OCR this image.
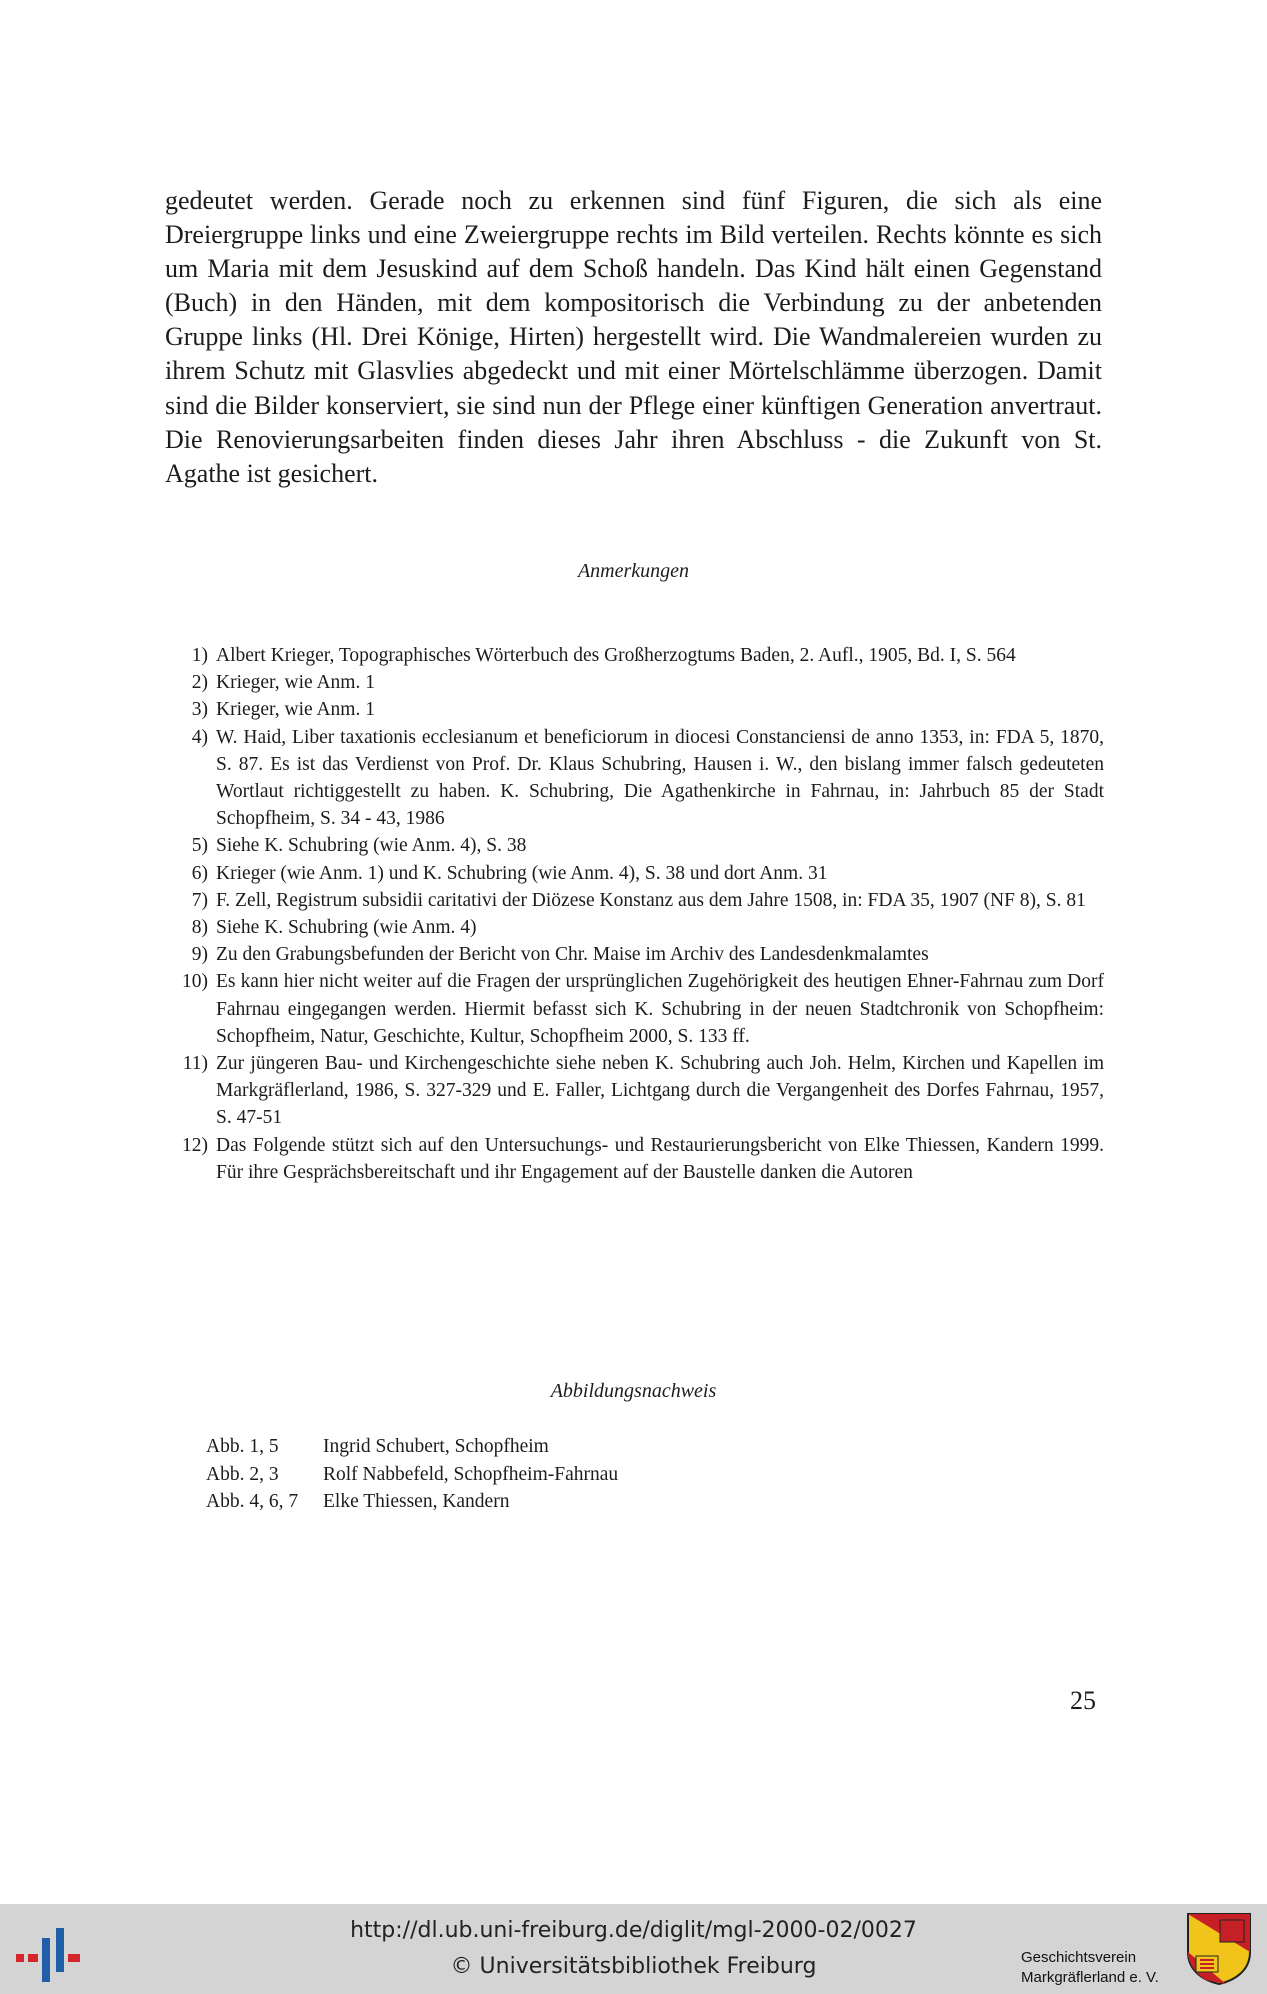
gedeutet werden. Gerade noch zu erkennen sind fünf Figuren, die sich als eine Dreiergruppe links und eine Zweiergruppe rechts im Bild verteilen. Rechts könnte es sich um Maria mit dem Jesuskind auf dem Schoß handeln. Das Kind hält einen Gegenstand (Buch) in den Händen, mit dem kompositorisch die Verbindung zu der anbetenden Gruppe links (Hl. Drei Könige, Hirten) hergestellt wird. Die Wandmalereien wurden zu ihrem Schutz mit Glasvlies abgedeckt und mit einer Mörtelschlämme überzogen. Damit sind die Bilder konserviert, sie sind nun der Pflege einer künftigen Generation anvertraut. Die Renovierungsarbeiten finden dieses Jahr ihren Abschluss - die Zukunft von St. Agathe ist gesichert.
Anmerkungen
1) Albert Krieger, Topographisches Wörterbuch des Großherzogtums Baden, 2. Aufl., 1905, Bd. I, S. 564
2) Krieger, wie Anm. 1
3) Krieger, wie Anm. 1
4) W. Haid, Liber taxationis ecclesianum et beneficiorum in diocesi Constanciensi de anno 1353, in: FDA 5, 1870, S. 87. Es ist das Verdienst von Prof. Dr. Klaus Schubring, Hausen i. W., den bislang immer falsch gedeuteten Wortlaut richtiggestellt zu haben. K. Schubring, Die Agathenkirche in Fahrnau, in: Jahrbuch 85 der Stadt Schopfheim, S. 34 - 43, 1986
5) Siehe K. Schubring (wie Anm. 4), S. 38
6) Krieger (wie Anm. 1) und K. Schubring (wie Anm. 4), S. 38 und dort Anm. 31
7) F. Zell, Registrum subsidii caritativi der Diözese Konstanz aus dem Jahre 1508, in: FDA 35, 1907 (NF 8), S. 81
8) Siehe K. Schubring (wie Anm. 4)
9) Zu den Grabungsbefunden der Bericht von Chr. Maise im Archiv des Landesdenkmalamtes
10) Es kann hier nicht weiter auf die Fragen der ursprünglichen Zugehörigkeit des heutigen Ehner-Fahrnau zum Dorf Fahrnau eingegangen werden. Hiermit befasst sich K. Schubring in der neuen Stadtchronik von Schopfheim: Schopfheim, Natur, Geschichte, Kultur, Schopfheim 2000, S. 133 ff.
11) Zur jüngeren Bau- und Kirchengeschichte siehe neben K. Schubring auch Joh. Helm, Kirchen und Kapellen im Markgräflerland, 1986, S. 327-329 und E. Faller, Lichtgang durch die Vergangenheit des Dorfes Fahrnau, 1957, S. 47-51
12) Das Folgende stützt sich auf den Untersuchungs- und Restaurierungsbericht von Elke Thiessen, Kandern 1999. Für ihre Gesprächsbereitschaft und ihr Engagement auf der Baustelle danken die Autoren
Abbildungsnachweis
Abb. 1, 5	Ingrid Schubert, Schopfheim
Abb. 2, 3	Rolf Nabbefeld, Schopfheim-Fahrnau
Abb. 4, 6, 7	Elke Thiessen, Kandern
25
http://dl.ub.uni-freiburg.de/diglit/mgl-2000-02/0027
© Universitätsbibliothek Freiburg	Geschichtsverein
Markgräflerland e. V.
